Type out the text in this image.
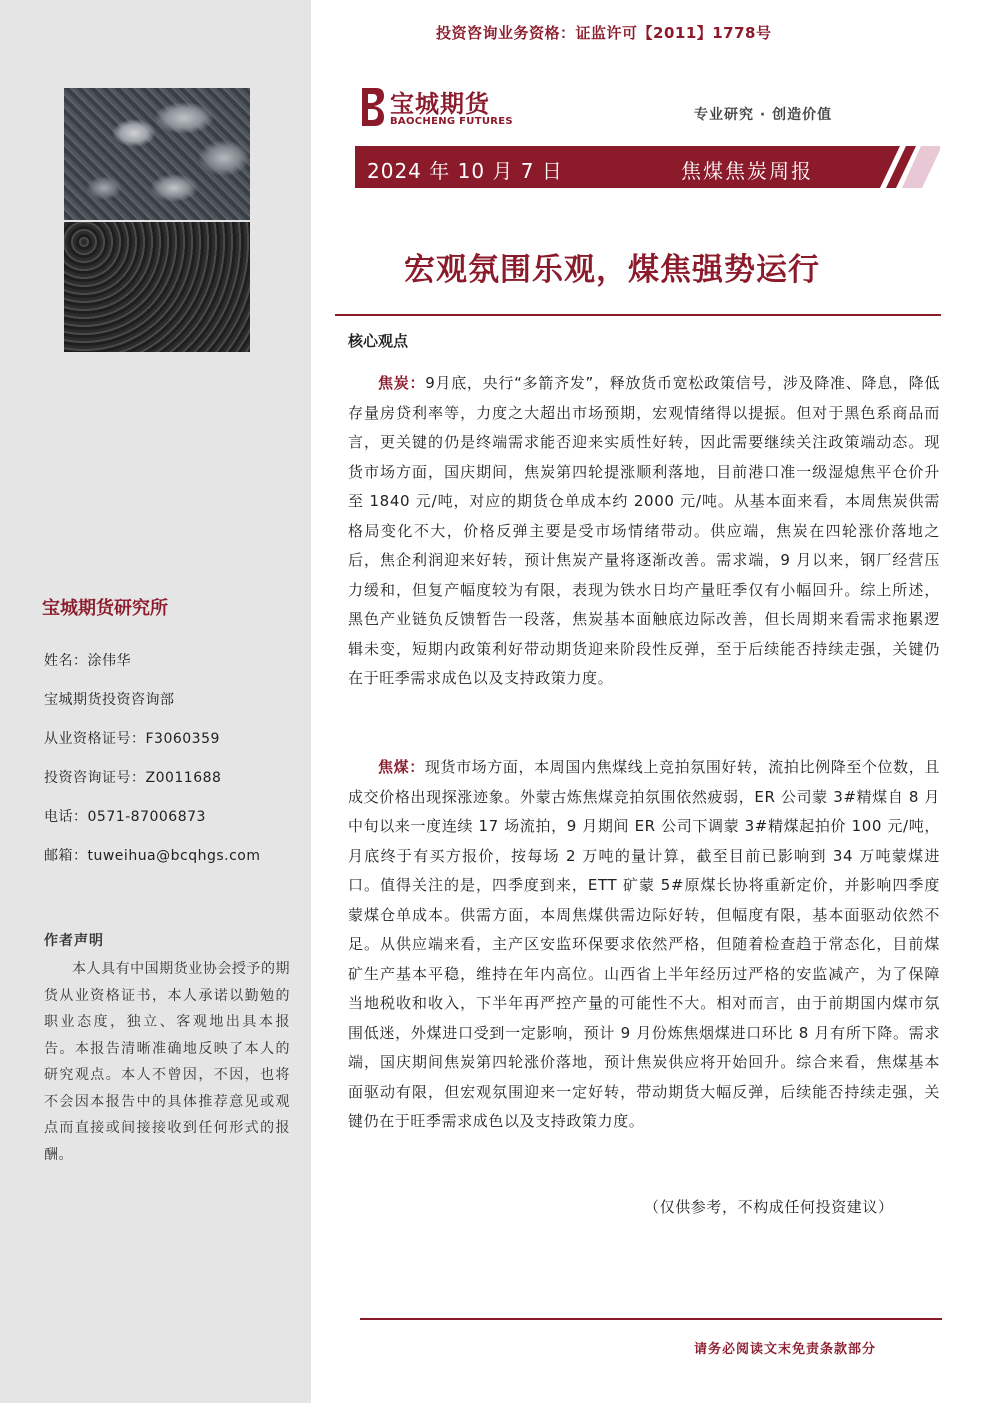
宝城期货研究所
姓名：涂伟华
宝城期货投资咨询部
从业资格证号：F3060359
投资咨询证号：Z0011688
电话：0571-87006873
邮箱：tuweihua@bcqhgs.com
作者声明
本人具有中国期货业协会授予的期货从业资格证书，本人承诺以勤勉的职业态度，独立、客观地出具本报告。本报告清晰准确地反映了本人的研究观点。本人不曾因，不因，也将不会因本报告中的具体推荐意见或观点而直接或间接接收到任何形式的报酬。
投资咨询业务资格：证监许可【2011】1778号
宝城期货
BAOCHENG FUTURES	专业研究 · 创造价值
2024 年 10 月 7 日	焦煤焦炭周报
宏观氛围乐观，煤焦强势运行
核心观点
焦炭：9月底，央行“多箭齐发”，释放货币宽松政策信号，涉及降准、降息，降低存量房贷利率等，力度之大超出市场预期，宏观情绪得以提振。但对于黑色系商品而言，更关键的仍是终端需求能否迎来实质性好转，因此需要继续关注政策端动态。现货市场方面，国庆期间，焦炭第四轮提涨顺利落地，目前港口准一级湿熄焦平仓价升至 1840 元/吨，对应的期货仓单成本约 2000 元/吨。从基本面来看，本周焦炭供需格局变化不大，价格反弹主要是受市场情绪带动。供应端，焦炭在四轮涨价落地之后，焦企利润迎来好转，预计焦炭产量将逐渐改善。需求端，9 月以来，钢厂经营压力缓和，但复产幅度较为有限，表现为铁水日均产量旺季仅有小幅回升。综上所述，黑色产业链负反馈暂告一段落，焦炭基本面触底边际改善，但长周期来看需求拖累逻辑未变，短期内政策利好带动期货迎来阶段性反弹，至于后续能否持续走强，关键仍在于旺季需求成色以及支持政策力度。
焦煤：现货市场方面，本周国内焦煤线上竞拍氛围好转，流拍比例降至个位数，且成交价格出现探涨迹象。外蒙古炼焦煤竞拍氛围依然疲弱，ER 公司蒙 3#精煤自 8 月中旬以来一度连续 17 场流拍，9 月期间 ER 公司下调蒙 3#精煤起拍价 100 元/吨，月底终于有买方报价，按每场 2 万吨的量计算，截至目前已影响到 34 万吨蒙煤进口。值得关注的是，四季度到来，ETT 矿蒙 5#原煤长协将重新定价，并影响四季度蒙煤仓单成本。供需方面，本周焦煤供需边际好转，但幅度有限，基本面驱动依然不足。从供应端来看，主产区安监环保要求依然严格，但随着检查趋于常态化，目前煤矿生产基本平稳，维持在年内高位。山西省上半年经历过严格的安监减产，为了保障当地税收和收入，下半年再严控产量的可能性不大。相对而言，由于前期国内煤市氛围低迷，外煤进口受到一定影响，预计 9 月份炼焦烟煤进口环比 8 月有所下降。需求端，国庆期间焦炭第四轮涨价落地，预计焦炭供应将开始回升。综合来看，焦煤基本面驱动有限，但宏观氛围迎来一定好转，带动期货大幅反弹，后续能否持续走强，关键仍在于旺季需求成色以及支持政策力度。
（仅供参考，不构成任何投资建议）
请务必阅读文末免责条款部分
